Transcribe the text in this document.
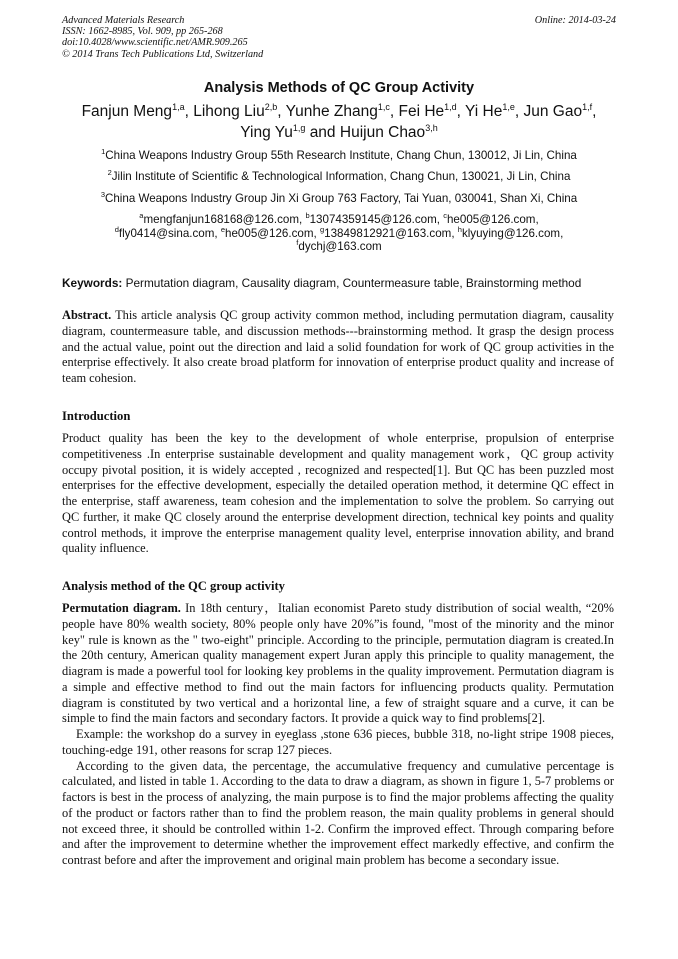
Advanced Materials Research
ISSN: 1662-8985, Vol. 909, pp 265-268
doi:10.4028/www.scientific.net/AMR.909.265
© 2014 Trans Tech Publications Ltd, Switzerland
Online: 2014-03-24
Analysis Methods of QC Group Activity
Fanjun Meng$^{1,a}$, Lihong Liu$^{2,b}$, Yunhe Zhang$^{1,c}$, Fei He$^{1,d}$, Yi He$^{1,e}$, Jun Gao$^{1,f}$,
Ying Yu$^{1,g}$ and Huijun Chao$^{3,h}$
$^1$China Weapons Industry Group 55th Research Institute, Chang Chun, 130012, Ji Lin, China
$^2$Jilin Institute of Scientific & Technological Information, Chang Chun, 130021, Ji Lin, China
$^3$China Weapons Industry Group Jin Xi Group 763 Factory, Tai Yuan, 030041, Shan Xi, China
$^a$mengfanjun168168@126.com, $^b$13074359145@126.com, $^c$he005@126.com,
$^d$fly0414@sina.com, $^e$he005@126.com, $^g$13849812921@163.com, $^h$klyuying@126.com,
$^f$dychj@163.com
Keywords: Permutation diagram, Causality diagram, Countermeasure table, Brainstorming method

Abstract. This article analysis QC group activity common method, including permutation diagram, causality diagram, countermeasure table, and discussion methods---brainstorming method. It grasp the design process and the actual value, point out the direction and laid a solid foundation for work of QC group activities in the enterprise effectively. It also create broad platform for innovation of enterprise product quality and increase of team cohesion.

Introduction

Product quality has been the key to the development of whole enterprise, propulsion of enterprise competitiveness .In enterprise sustainable development and quality management work，QC group activity occupy pivotal position, it is widely accepted , recognized and respected[1]. But QC has been puzzled most enterprises for the effective development, especially the detailed operation method, it determine QC effect in the enterprise, staff awareness, team cohesion and the implementation to solve the problem. So carrying out QC further, it make QC closely around the enterprise development direction, technical key points and quality control methods, it improve the enterprise management quality level, enterprise innovation ability, and brand quality influence.

Analysis method of the QC group activity

Permutation diagram. In 18th century，Italian economist Pareto study distribution of social wealth, “20% people have 80% wealth society, 80% people only have 20%”is found, "most of the minority and the minor key" rule is known as the " two-eight" principle. According to the principle, permutation diagram is created.In the 20th century, American quality management expert Juran apply this principle to quality management, the diagram is made a powerful tool for looking key problems in the quality improvement. Permutation diagram is a simple and effective method to find out the main factors for influencing products quality. Permutation diagram is constituted by two vertical and a horizontal line, a few of straight square and a curve, it can be simple to find the main factors and secondary factors. It provide a quick way to find problems[2].

Example: the workshop do a survey in eyeglass ,stone 636 pieces, bubble 318, no-light stripe 1908 pieces, touching-edge 191, other reasons for scrap 127 pieces.

According to the given data, the percentage, the accumulative frequency and cumulative percentage is calculated, and listed in table 1. According to the data to draw a diagram, as shown in figure 1, 5-7 problems or factors is best in the process of analyzing, the main purpose is to find the major problems affecting the quality of the product or factors rather than to find the problem reason, the main quality problems in general should not exceed three, it should be controlled within 1-2. Confirm the improved effect. Through comparing before and after the improvement to determine whether the improvement effect markedly effective, and confirm the contrast before and after the improvement and original main problem has become a secondary issue.
